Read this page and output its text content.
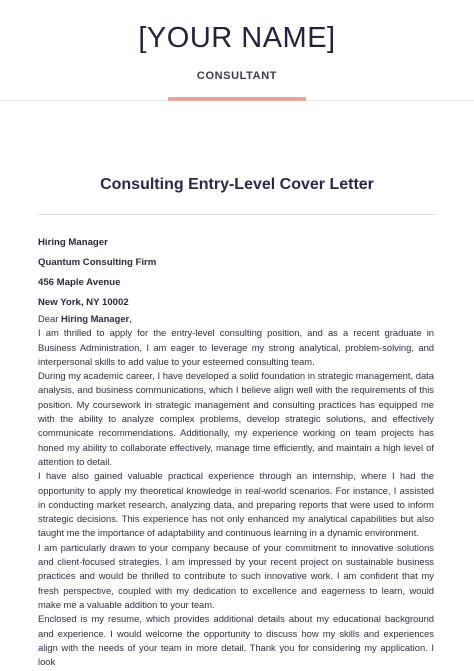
[YOUR NAME]
CONSULTANT
Consulting Entry-Level Cover Letter
Hiring Manager
Quantum Consulting Firm
456 Maple Avenue
New York, NY 10002

Dear Hiring Manager,

I am thrilled to apply for the entry-level consulting position, and as a recent graduate in Business Administration, I am eager to leverage my strong analytical, problem-solving, and interpersonal skills to add value to your esteemed consulting team.

During my academic career, I have developed a solid foundation in strategic management, data analysis, and business communications, which I believe align well with the requirements of this position. My coursework in strategic management and consulting practices has equipped me with the ability to analyze complex problems, develop strategic solutions, and effectively communicate recommendations. Additionally, my experience working on team projects has honed my ability to collaborate effectively, manage time efficiently, and maintain a high level of attention to detail.

I have also gained valuable practical experience through an internship, where I had the opportunity to apply my theoretical knowledge in real-world scenarios. For instance, I assisted in conducting market research, analyzing data, and preparing reports that were used to inform strategic decisions. This experience has not only enhanced my analytical capabilities but also taught me the importance of adaptability and continuous learning in a dynamic environment.

I am particularly drawn to your company because of your commitment to innovative solutions and client-focused strategies. I am impressed by your recent project on sustainable business practices and would be thrilled to contribute to such innovative work. I am confident that my fresh perspective, coupled with my dedication to excellence and eagerness to learn, would make me a valuable addition to your team.

Enclosed is my resume, which provides additional details about my educational background and experience. I would welcome the opportunity to discuss how my skills and experiences align with the needs of your team in more detail. Thank you for considering my application. I look
